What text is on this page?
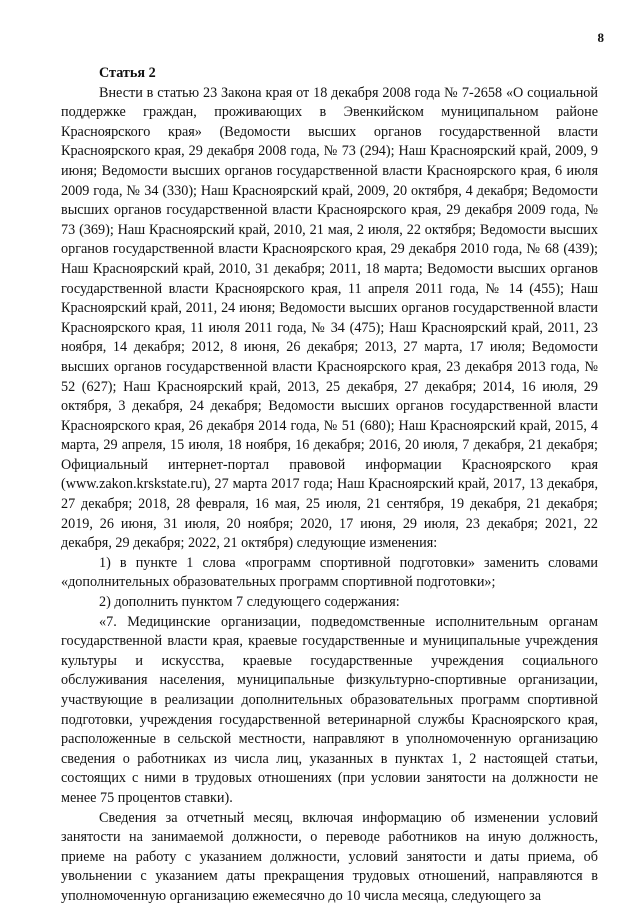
8
Статья 2

Внести в статью 23 Закона края от 18 декабря 2008 года № 7-2658 «О социальной поддержке граждан, проживающих в Эвенкийском муниципальном районе Красноярского края» (Ведомости высших органов государственной власти Красноярского края, 29 декабря 2008 года, № 73 (294); Наш Красноярский край, 2009, 9 июня; Ведомости высших органов государственной власти Красноярского края, 6 июля 2009 года, № 34 (330); Наш Красноярский край, 2009, 20 октября, 4 декабря; Ведомости высших органов государственной власти Красноярского края, 29 декабря 2009 года, № 73 (369); Наш Красноярский край, 2010, 21 мая, 2 июля, 22 октября; Ведомости высших органов государственной власти Красноярского края, 29 декабря 2010 года, № 68 (439); Наш Красноярский край, 2010, 31 декабря; 2011, 18 марта; Ведомости высших органов государственной власти Красноярского края, 11 апреля 2011 года, № 14 (455); Наш Красноярский край, 2011, 24 июня; Ведомости высших органов государственной власти Красноярского края, 11 июля 2011 года, № 34 (475); Наш Красноярский край, 2011, 23 ноября, 14 декабря; 2012, 8 июня, 26 декабря; 2013, 27 марта, 17 июля; Ведомости высших органов государственной власти Красноярского края, 23 декабря 2013 года, № 52 (627); Наш Красноярский край, 2013, 25 декабря, 27 декабря; 2014, 16 июля, 29 октября, 3 декабря, 24 декабря; Ведомости высших органов государственной власти Красноярского края, 26 декабря 2014 года, № 51 (680); Наш Красноярский край, 2015, 4 марта, 29 апреля, 15 июля, 18 ноября, 16 декабря; 2016, 20 июля, 7 декабря, 21 декабря; Официальный интернет-портал правовой информации Красноярского края (www.zakon.krskstate.ru), 27 марта 2017 года; Наш Красноярский край, 2017, 13 декабря, 27 декабря; 2018, 28 февраля, 16 мая, 25 июля, 21 сентября, 19 декабря, 21 декабря; 2019, 26 июня, 31 июля, 20 ноября; 2020, 17 июня, 29 июля, 23 декабря; 2021, 22 декабря, 29 декабря; 2022, 21 октября) следующие изменения:

1) в пункте 1 слова «программ спортивной подготовки» заменить словами «дополнительных образовательных программ спортивной подготовки»;

2) дополнить пунктом 7 следующего содержания:

«7. Медицинские организации, подведомственные исполнительным органам государственной власти края, краевые государственные и муниципальные учреждения культуры и искусства, краевые государственные учреждения социального обслуживания населения, муниципальные физкультурно-спортивные организации, участвующие в реализации дополнительных образовательных программ спортивной подготовки, учреждения государственной ветеринарной службы Красноярского края, расположенные в сельской местности, направляют в уполномоченную организацию сведения о работниках из числа лиц, указанных в пунктах 1, 2 настоящей статьи, состоящих с ними в трудовых отношениях (при условии занятости на должности не менее 75 процентов ставки).

Сведения за отчетный месяц, включая информацию об изменении условий занятости на занимаемой должности, о переводе работников на иную должность, приеме на работу с указанием должности, условий занятости и даты приема, об увольнении с указанием даты прекращения трудовых отношений, направляются в уполномоченную организацию ежемесячно до 10 числа месяца, следующего за
